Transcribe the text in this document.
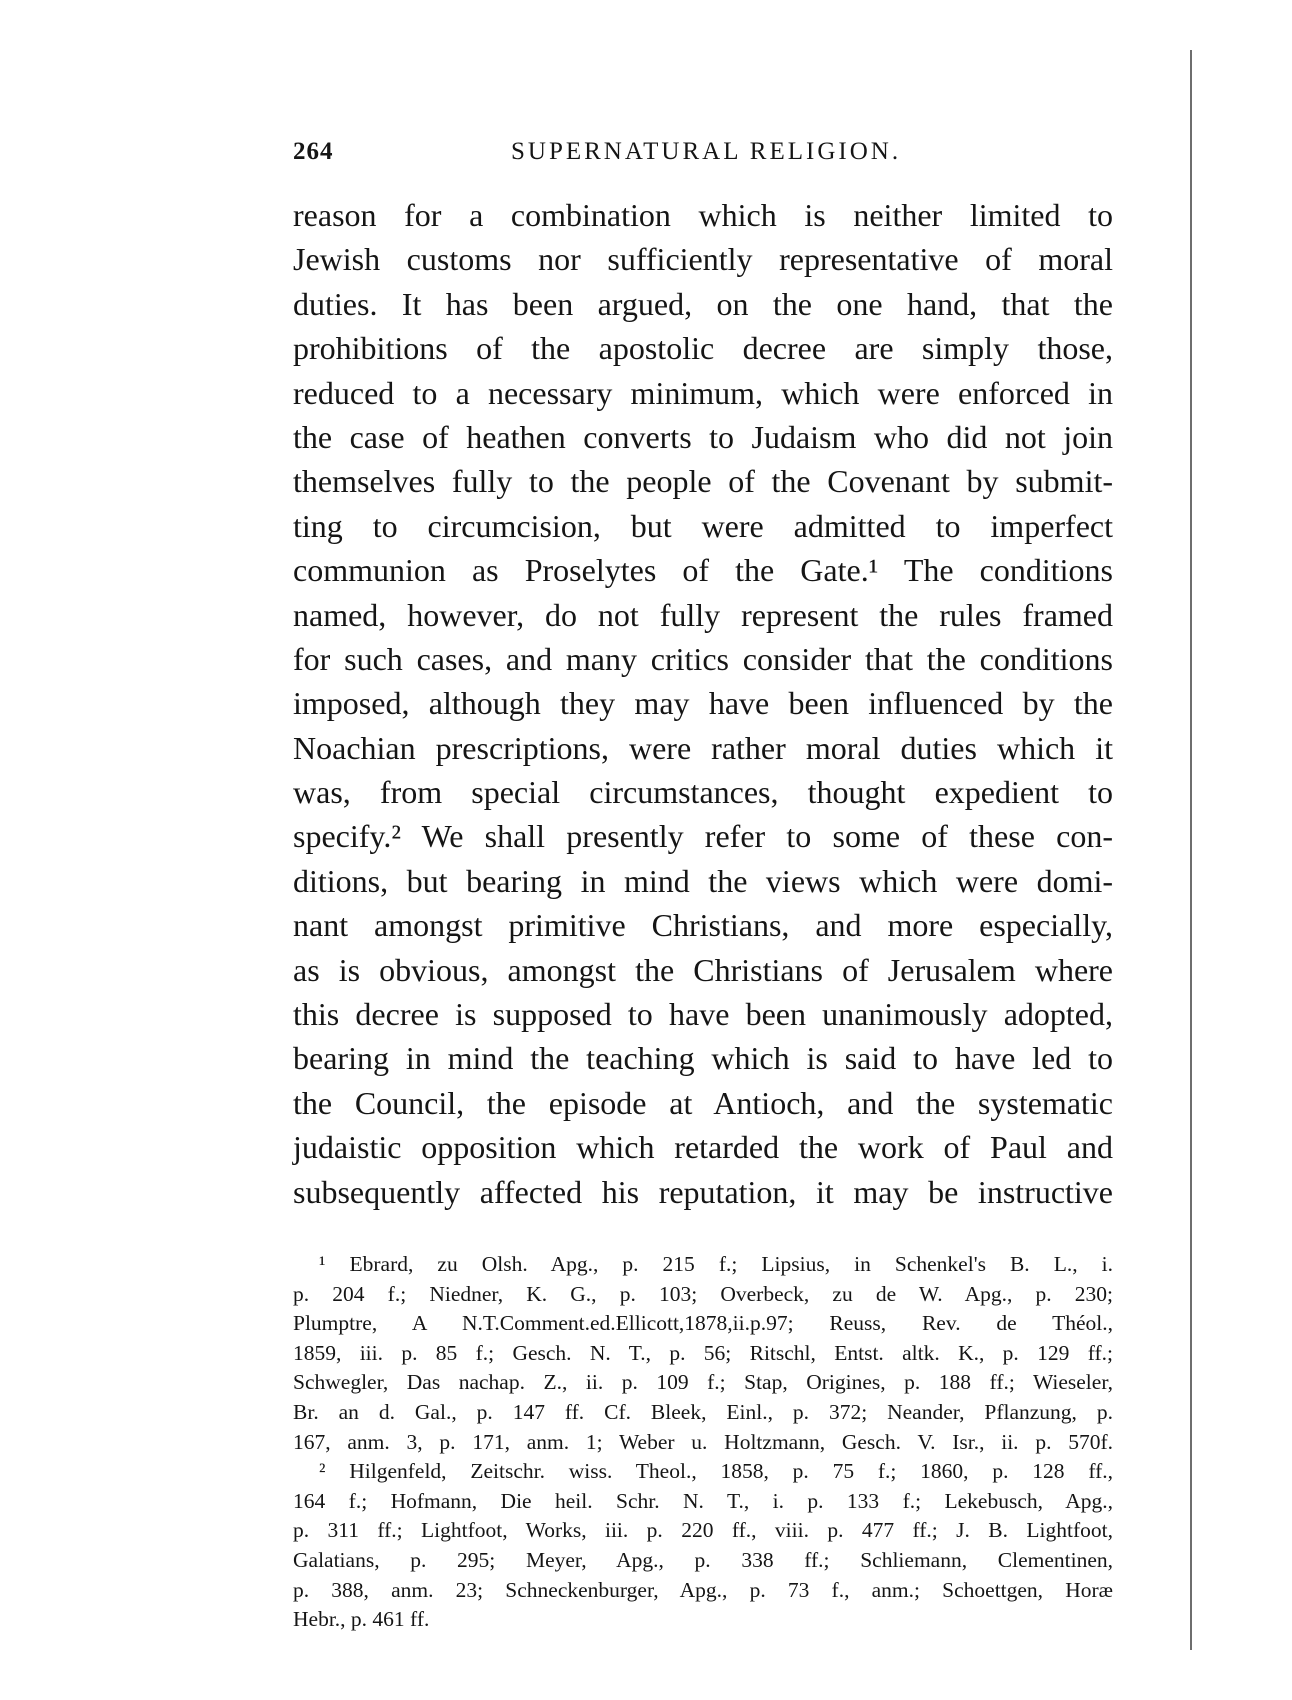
264	SUPERNATURAL RELIGION.
reason for a combination which is neither limited to
Jewish customs nor sufficiently representative of moral
duties. It has been argued, on the one hand, that the
prohibitions of the apostolic decree are simply those,
reduced to a necessary minimum, which were enforced in
the case of heathen converts to Judaism who did not join
themselves fully to the people of the Covenant by submit-
ting to circumcision, but were admitted to imperfect
communion as Proselytes of the Gate.¹ The conditions
named, however, do not fully represent the rules framed
for such cases, and many critics consider that the conditions
imposed, although they may have been influenced by the
Noachian prescriptions, were rather moral duties which it
was, from special circumstances, thought expedient to
specify.² We shall presently refer to some of these con-
ditions, but bearing in mind the views which were domi-
nant amongst primitive Christians, and more especially,
as is obvious, amongst the Christians of Jerusalem where
this decree is supposed to have been unanimously adopted,
bearing in mind the teaching which is said to have led to
the Council, the episode at Antioch, and the systematic
judaistic opposition which retarded the work of Paul and
subsequently affected his reputation, it may be instructive
¹ Ebrard, zu Olsh. Apg., p. 215 f.; Lipsius, in Schenkel's B. L., i.
p. 204 f.; Niedner, K. G., p. 103; Overbeck, zu de W. Apg., p. 230;
Plumptre, A N.T.Comment.ed.Ellicott,1878,ii.p.97; Reuss, Rev. de Théol.,
1859, iii. p. 85 f.; Gesch. N. T., p. 56; Ritschl, Entst. altk. K., p. 129 ff.;
Schwegler, Das nachap. Z., ii. p. 109 f.; Stap, Origines, p. 188 ff.; Wieseler,
Br. an d. Gal., p. 147 ff. Cf. Bleek, Einl., p. 372; Neander, Pflanzung, p.
167, anm. 3, p. 171, anm. 1; Weber u. Holtzmann, Gesch. V. Isr., ii. p. 570f.
² Hilgenfeld, Zeitschr. wiss. Theol., 1858, p. 75 f.; 1860, p. 128 ff.,
164 f.; Hofmann, Die heil. Schr. N. T., i. p. 133 f.; Lekebusch, Apg.,
p. 311 ff.; Lightfoot, Works, iii. p. 220 ff., viii. p. 477 ff.; J. B. Lightfoot,
Galatians, p. 295; Meyer, Apg., p. 338 ff.; Schliemann, Clementinen,
p. 388, anm. 23; Schneckenburger, Apg., p. 73 f., anm.; Schoettgen, Horæ
Hebr., p. 461 ff.
